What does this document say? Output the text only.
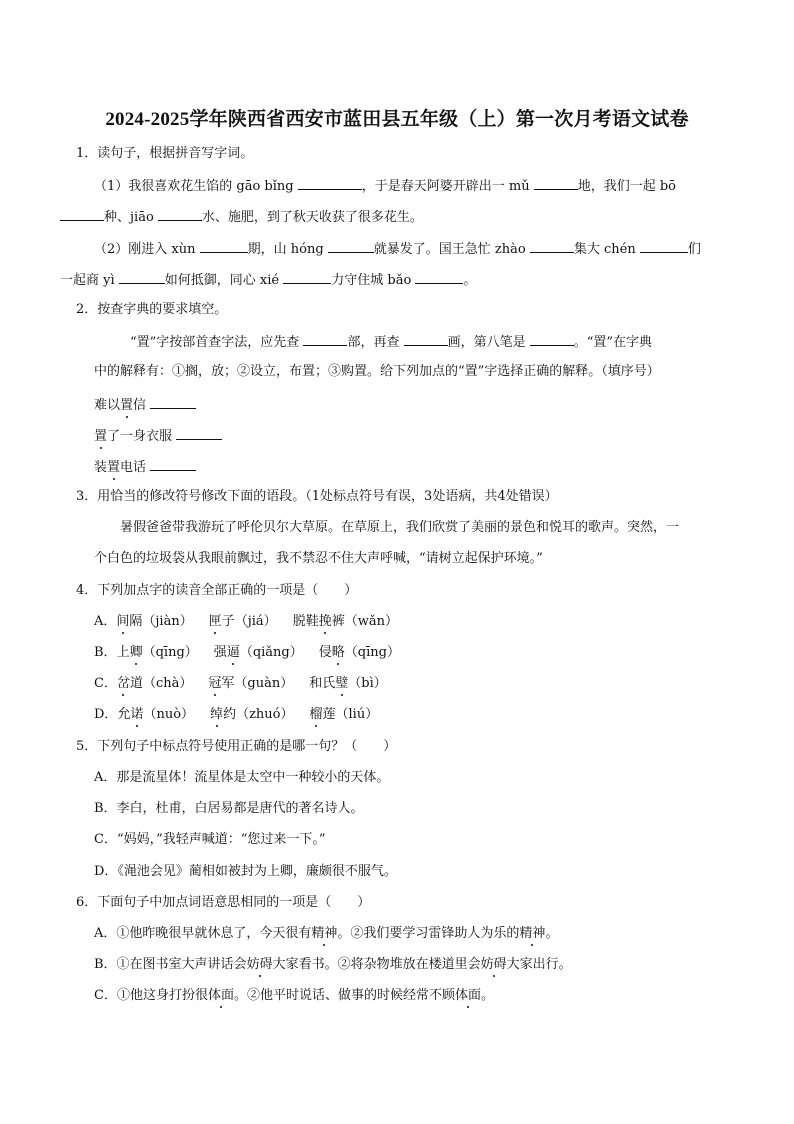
2024-2025学年陕西省西安市蓝田县五年级（上）第一次月考语文试卷
1．读句子，根据拼音写字词。
（1）我很喜欢花生馅的 gāo bǐng	，于是春天阿婆开辟出一 mǔ	地，我们一起 bō
种、jiāo	水、施肥，到了秋天收获了很多花生。
（2）刚进入 xùn	期，山 hóng	就暴发了。国王急忙 zhào	集大 chén	们
一起商 yì	如何抵御，同心 xié	力守住城 bǎo	。
2．按查字典的要求填空。
“置”字按部首查字法，应先查	部，再查	画，第八笔是	。“置”在字典
中的解释有：①搁，放；②设立，布置；③购置。给下列加点的“置”字选择正确的解释。（填序号）
难以置信
置了一身衣服
装置电话
3．用恰当的修改符号修改下面的语段。（1处标点符号有误，3处语病，共4处错误）
暑假爸爸带我游玩了呼伦贝尔大草原。在草原上，我们欣赏了美丽的景色和悦耳的歌声。突然，一
个白色的垃圾袋从我眼前飘过，我不禁忍不住大声呼喊，“请树立起保护环境。”
4．下列加点字的读音全部正确的一项是（　　）
A．间隔（jiàn） 匣子（jiá） 脱鞋挽裤（wǎn）
B．上卿（qīng） 强逼（qiǎng） 侵略（qīng）
C．岔道（chà） 冠军（guàn） 和氏璧（bì）
D．允诺（nuò） 绰约（zhuó） 榴莲（liú）
5．下列句子中标点符号使用正确的是哪一句？（　　）
A．那是流星体！流星体是太空中一种较小的天体。
B．李白，杜甫，白居易都是唐代的著名诗人。
C．“妈妈，”我轻声喊道：“您过来一下。”
D．《渑池会见》蔺相如被封为上卿，廉颇很不服气。
6．下面句子中加点词语意思相同的一项是（　　）
A．①他昨晚很早就休息了，今天很有精神。②我们要学习雷锋助人为乐的精神。
B．①在图书室大声讲话会妨碍大家看书。②将杂物堆放在楼道里会妨碍大家出行。
C．①他这身打扮很体面。②他平时说话、做事的时候经常不顾体面。
